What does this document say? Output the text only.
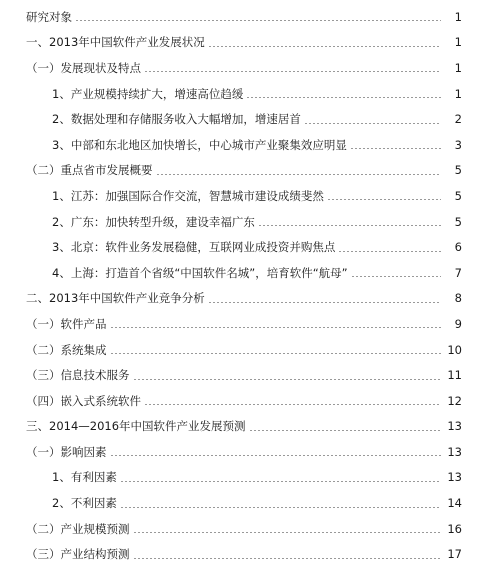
研究对象	1
一、2013年中国软件产业发展状况	1
（一）发展现状及特点	1
1、产业规模持续扩大，增速高位趋缓	1
2、数据处理和存储服务收入大幅增加，增速居首	2
3、中部和东北地区加快增长，中心城市产业聚集效应明显	3
（二）重点省市发展概要	5
1、江苏：加强国际合作交流，智慧城市建设成绩斐然	5
2、广东：加快转型升级，建设幸福广东	5
3、北京：软件业务发展稳健，互联网业成投资并购焦点	6
4、上海：打造首个省级“中国软件名城”，培育软件“航母”	7
二、2013年中国软件产业竞争分析	8
（一）软件产品	9
（二）系统集成	10
（三）信息技术服务	11
（四）嵌入式系统软件	12
三、2014—2016年中国软件产业发展预测	13
（一）影响因素	13
1、有利因素	13
2、不利因素	14
（二）产业规模预测	16
（三）产业结构预测	17
